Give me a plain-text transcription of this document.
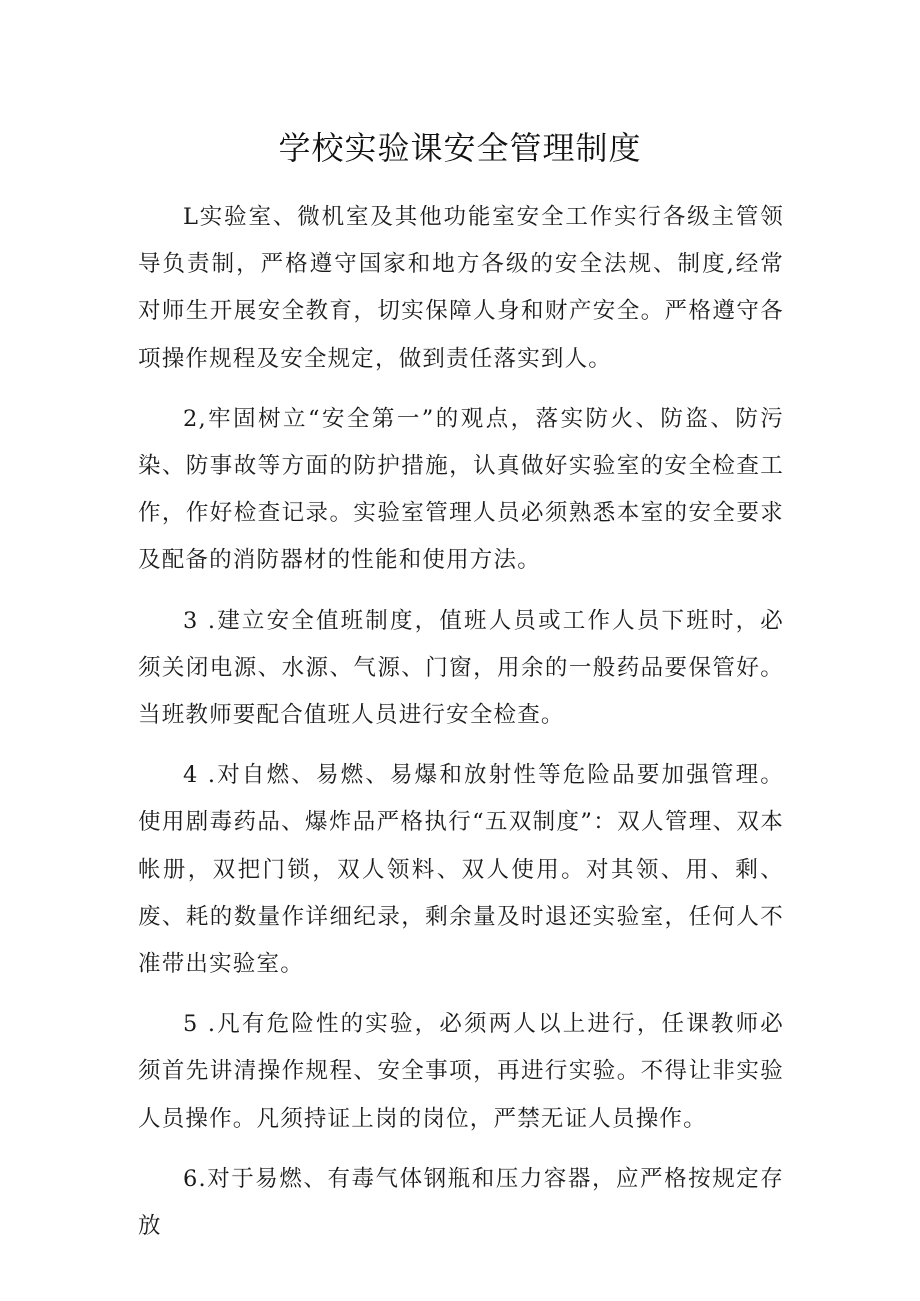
学校实验课安全管理制度

L实验室、微机室及其他功能室安全工作实行各级主管领导负责制，严格遵守国家和地方各级的安全法规、制度,经常对师生开展安全教育，切实保障人身和财产安全。严格遵守各项操作规程及安全规定，做到责任落实到人。

2,牢固树立“安全第一”的观点，落实防火、防盗、防污染、防事故等方面的防护措施，认真做好实验室的安全检查工作，作好检查记录。实验室管理人员必须熟悉本室的安全要求及配备的消防器材的性能和使用方法。

3 .建立安全值班制度，值班人员或工作人员下班时，必须关闭电源、水源、气源、门窗，用余的一般药品要保管好。当班教师要配合值班人员进行安全检查。

4 .对自燃、易燃、易爆和放射性等危险品要加强管理。使用剧毒药品、爆炸品严格执行“五双制度”：双人管理、双本帐册，双把门锁，双人领料、双人使用。对其领、用、剩、废、耗的数量作详细纪录，剩余量及时退还实验室，任何人不准带出实验室。

5 .凡有危险性的实验，必须两人以上进行，任课教师必须首先讲清操作规程、安全事项，再进行实验。不得让非实验人员操作。凡须持证上岗的岗位，严禁无证人员操作。

6.对于易燃、有毒气体钢瓶和压力容器，应严格按规定存放
